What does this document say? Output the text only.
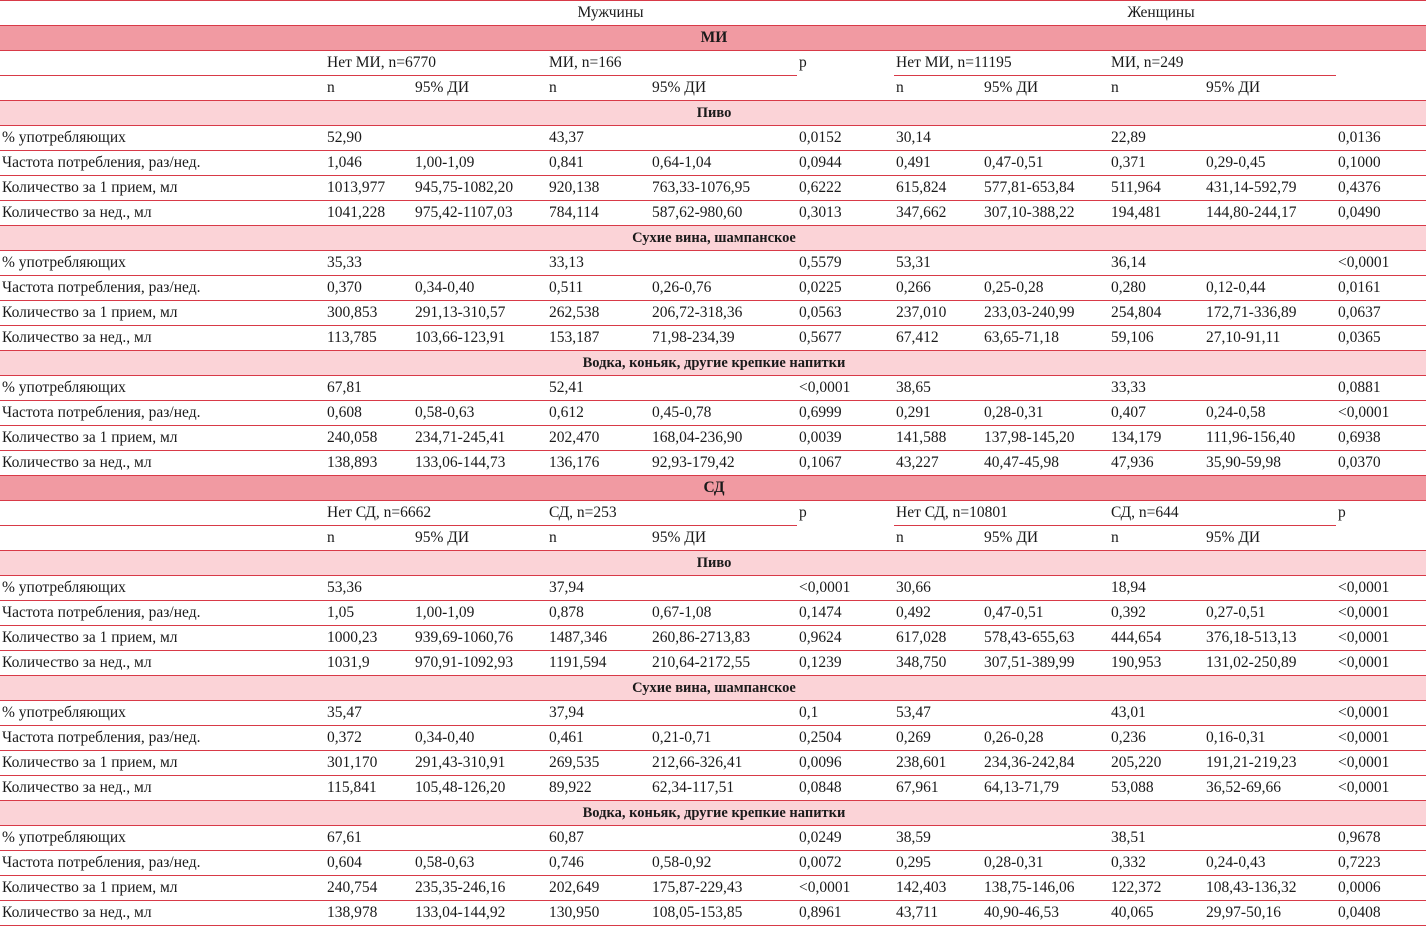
	Мужчины					Женщины				
МИ										
	Нет МИ, n=6770		МИ, n=166		p	Нет МИ, n=11195		МИ, n=249		
	n	95% ДИ	n	95% ДИ		n	95% ДИ	n	95% ДИ	
Пиво										
% употребляющих	52,90		43,37		0,0152	30,14		22,89		0,0136
Частота потребления, раз/нед.	1,046	1,00-1,09	0,841	0,64-1,04	0,0944	0,491	0,47-0,51	0,371	0,29-0,45	0,1000
Количество за 1 прием, мл	1013,977	945,75-1082,20	920,138	763,33-1076,95	0,6222	615,824	577,81-653,84	511,964	431,14-592,79	0,4376
Количество за нед., мл	1041,228	975,42-1107,03	784,114	587,62-980,60	0,3013	347,662	307,10-388,22	194,481	144,80-244,17	0,0490
Сухие вина, шампанское										
% употребляющих	35,33		33,13		0,5579	53,31		36,14		<0,0001
Частота потребления, раз/нед.	0,370	0,34-0,40	0,511	0,26-0,76	0,0225	0,266	0,25-0,28	0,280	0,12-0,44	0,0161
Количество за 1 прием, мл	300,853	291,13-310,57	262,538	206,72-318,36	0,0563	237,010	233,03-240,99	254,804	172,71-336,89	0,0637
Количество за нед., мл	113,785	103,66-123,91	153,187	71,98-234,39	0,5677	67,412	63,65-71,18	59,106	27,10-91,11	0,0365
Водка, коньяк, другие крепкие напитки										
% употребляющих	67,81		52,41		<0,0001	38,65		33,33		0,0881
Частота потребления, раз/нед.	0,608	0,58-0,63	0,612	0,45-0,78	0,6999	0,291	0,28-0,31	0,407	0,24-0,58	<0,0001
Количество за 1 прием, мл	240,058	234,71-245,41	202,470	168,04-236,90	0,0039	141,588	137,98-145,20	134,179	111,96-156,40	0,6938
Количество за нед., мл	138,893	133,06-144,73	136,176	92,93-179,42	0,1067	43,227	40,47-45,98	47,936	35,90-59,98	0,0370
СД										
	Нет СД, n=6662		СД, n=253		p	Нет СД, n=10801		СД, n=644		p
	n	95% ДИ	n	95% ДИ		n	95% ДИ	n	95% ДИ	
Пиво										
% употребляющих	53,36		37,94		<0,0001	30,66		18,94		<0,0001
Частота потребления, раз/нед.	1,05	1,00-1,09	0,878	0,67-1,08	0,1474	0,492	0,47-0,51	0,392	0,27-0,51	<0,0001
Количество за 1 прием, мл	1000,23	939,69-1060,76	1487,346	260,86-2713,83	0,9624	617,028	578,43-655,63	444,654	376,18-513,13	<0,0001
Количество за нед., мл	1031,9	970,91-1092,93	1191,594	210,64-2172,55	0,1239	348,750	307,51-389,99	190,953	131,02-250,89	<0,0001
Сухие вина, шампанское										
% употребляющих	35,47		37,94		0,1	53,47		43,01		<0,0001
Частота потребления, раз/нед.	0,372	0,34-0,40	0,461	0,21-0,71	0,2504	0,269	0,26-0,28	0,236	0,16-0,31	<0,0001
Количество за 1 прием, мл	301,170	291,43-310,91	269,535	212,66-326,41	0,0096	238,601	234,36-242,84	205,220	191,21-219,23	<0,0001
Количество за нед., мл	115,841	105,48-126,20	89,922	62,34-117,51	0,0848	67,961	64,13-71,79	53,088	36,52-69,66	<0,0001
Водка, коньяк, другие крепкие напитки										
% употребляющих	67,61		60,87		0,0249	38,59		38,51		0,9678
Частота потребления, раз/нед.	0,604	0,58-0,63	0,746	0,58-0,92	0,0072	0,295	0,28-0,31	0,332	0,24-0,43	0,7223
Количество за 1 прием, мл	240,754	235,35-246,16	202,649	175,87-229,43	<0,0001	142,403	138,75-146,06	122,372	108,43-136,32	0,0006
Количество за нед., мл	138,978	133,04-144,92	130,950	108,05-153,85	0,8961	43,711	40,90-46,53	40,065	29,97-50,16	0,0408
